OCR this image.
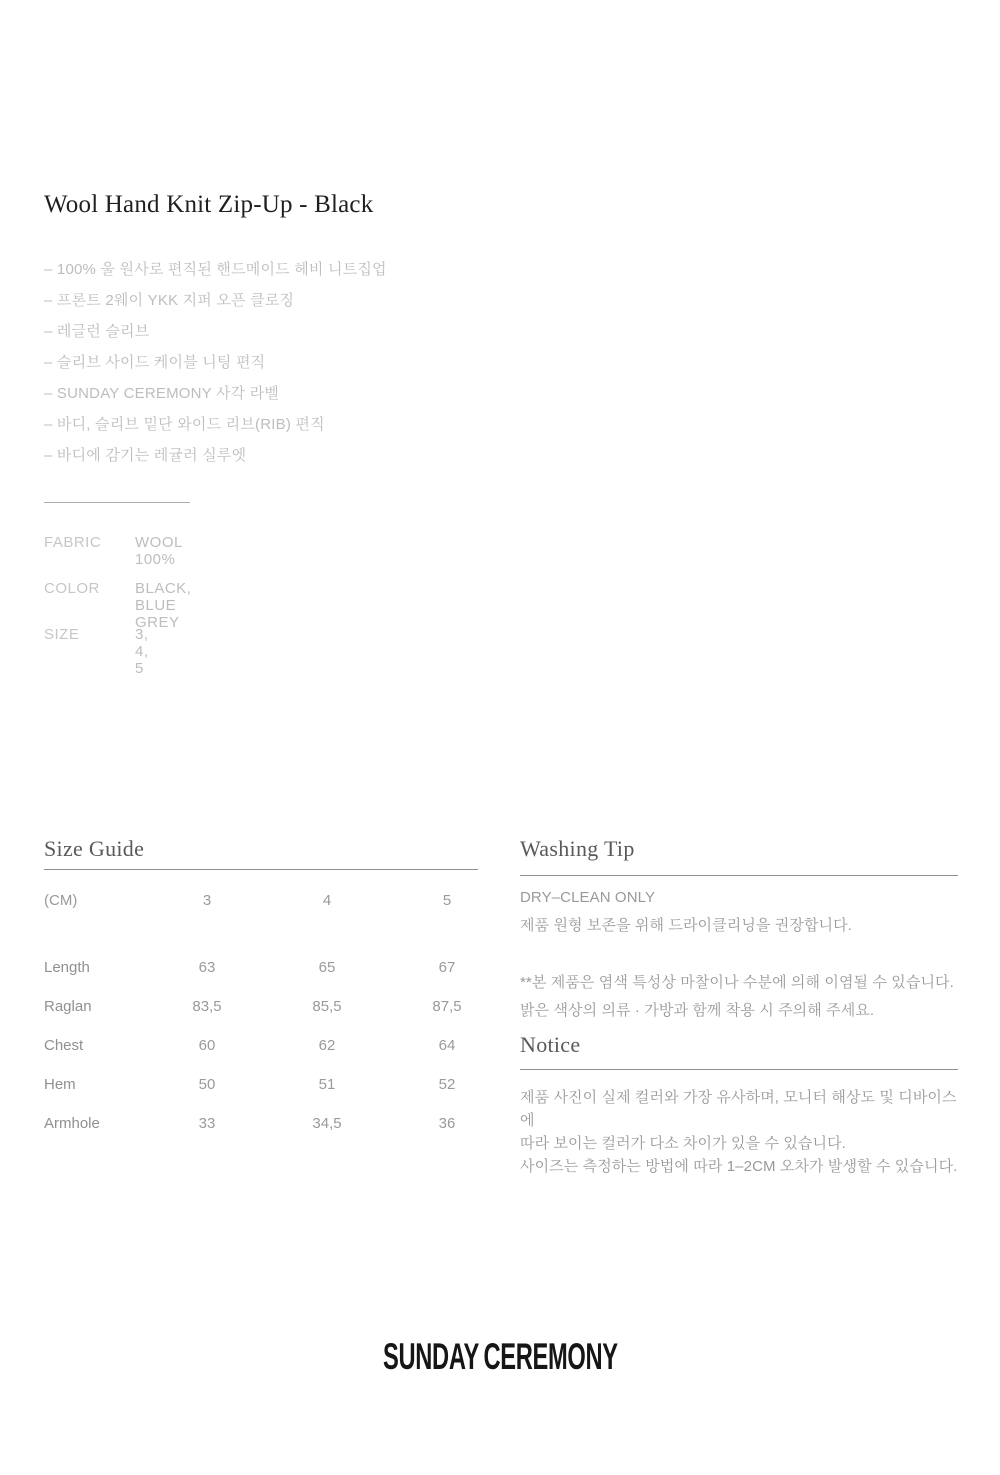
Wool Hand Knit Zip-Up - Black
– 100% 울 원사로 편직된 핸드메이드 헤비 니트집업
– 프론트 2웨이 YKK 지퍼 오픈 클로징
– 레글런 슬리브
– 슬리브 사이드 케이블 니팅 편직
– SUNDAY CEREMONY 사각 라벨
– 바디, 슬리브 밑단 와이드 리브(RIB) 편직
– 바디에 감기는 레귤러 실루엣
FABRIC WOOL 100%
COLOR BLACK, BLUE GREY
SIZE	3, 4, 5
Size Guide
(CM)	3	4	5
Length	63	65	67
Raglan	83,5	85,5	87,5
Chest	60	62	64
Hem	50	51	52
Armhole	33	34,5	36
Washing Tip
DRY–CLEAN ONLY
제품 원형 보존을 위해 드라이클리닝을 권장합니다.
**본 제품은 염색 특성상 마찰이나 수분에 의해 이염될 수 있습니다.
밝은 색상의 의류 · 가방과 함께 착용 시 주의해 주세요.
Notice
제품 사진이 실제 컬러와 가장 유사하며, 모니터 해상도 및 디바이스에
따라 보이는 컬러가 다소 차이가 있을 수 있습니다.
사이즈는 측정하는 방법에 따라 1–2CM 오차가 발생할 수 있습니다.
SUNDAY CEREMONY
